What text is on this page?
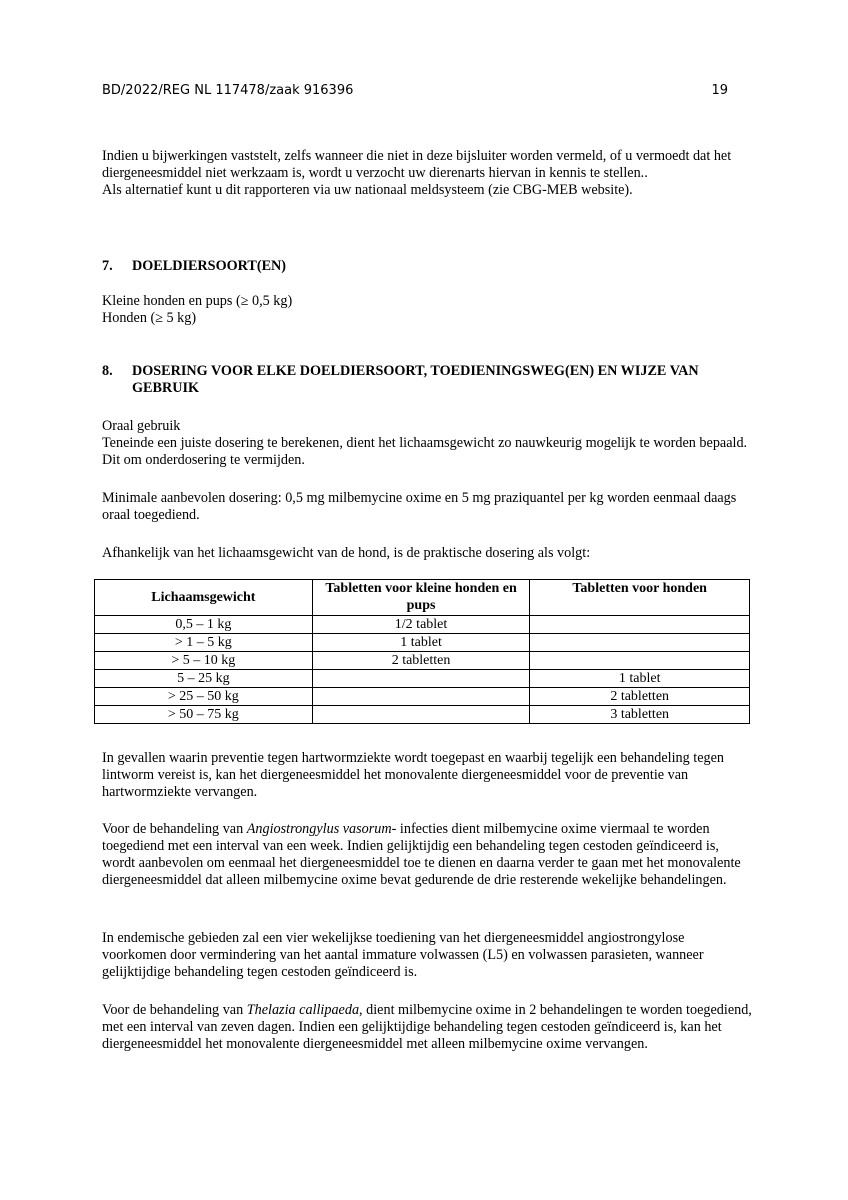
BD/2022/REG NL 117478/zaak 916396	19

Indien u bijwerkingen vaststelt, zelfs wanneer die niet in deze bijsluiter worden vermeld, of u vermoedt dat het diergeneesmiddel niet werkzaam is, wordt u verzocht uw dierenarts hiervan in kennis te stellen..

Als alternatief kunt u dit rapporteren via uw nationaal meldsysteem (zie CBG-MEB website).

7.	DOELDIERSOORT(EN)

Kleine honden en pups (≥ 0,5 kg)

Honden (≥ 5 kg)

8.	DOSERING VOOR ELKE DOELDIERSOORT, TOEDIENINGSWEG(EN) EN WIJZE VAN GEBRUIK

Oraal gebruik

Teneinde een juiste dosering te berekenen, dient het lichaamsgewicht zo nauwkeurig mogelijk te worden bepaald. Dit om onderdosering te vermijden.

Minimale aanbevolen dosering: 0,5 mg milbemycine oxime en 5 mg praziquantel per kg worden eenmaal daags oraal toegediend.
Afhankelijk van het lichaamsgewicht van de hond, is de praktische dosering als volgt:
Lichaamsgewicht	Tabletten voor kleine honden en pups	Tabletten voor honden
0,5 – 1 kg	1/2 tablet	
> 1 – 5 kg	1 tablet	
> 5 – 10 kg	2 tabletten	
5 – 25 kg		1 tablet
> 25 – 50 kg		2 tabletten
> 50 – 75 kg		3 tabletten
In gevallen waarin preventie tegen hartwormziekte wordt toegepast en waarbij tegelijk een behandeling tegen lintworm vereist is, kan het diergeneesmiddel het monovalente diergeneesmiddel voor de preventie van hartwormziekte vervangen.
Voor de behandeling van Angiostrongylus vasorum- infecties dient milbemycine oxime viermaal te worden toegediend met een interval van een week. Indien gelijktijdig een behandeling tegen cestoden geïndiceerd is, wordt aanbevolen om eenmaal het diergeneesmiddel toe te dienen en daarna verder te gaan met het monovalente diergeneesmiddel dat alleen milbemycine oxime bevat gedurende de drie resterende wekelijke behandelingen.
In endemische gebieden zal een vier wekelijkse toediening van het diergeneesmiddel angiostrongylose voorkomen door vermindering van het aantal immature volwassen (L5) en volwassen parasieten, wanneer gelijktijdige behandeling tegen cestoden geïndiceerd is.
Voor de behandeling van Thelazia callipaeda, dient milbemycine oxime in 2 behandelingen te worden toegediend, met een interval van zeven dagen. Indien een gelijktijdige behandeling tegen cestoden geïndiceerd is, kan het diergeneesmiddel het monovalente diergeneesmiddel met alleen milbemycine oxime vervangen.
